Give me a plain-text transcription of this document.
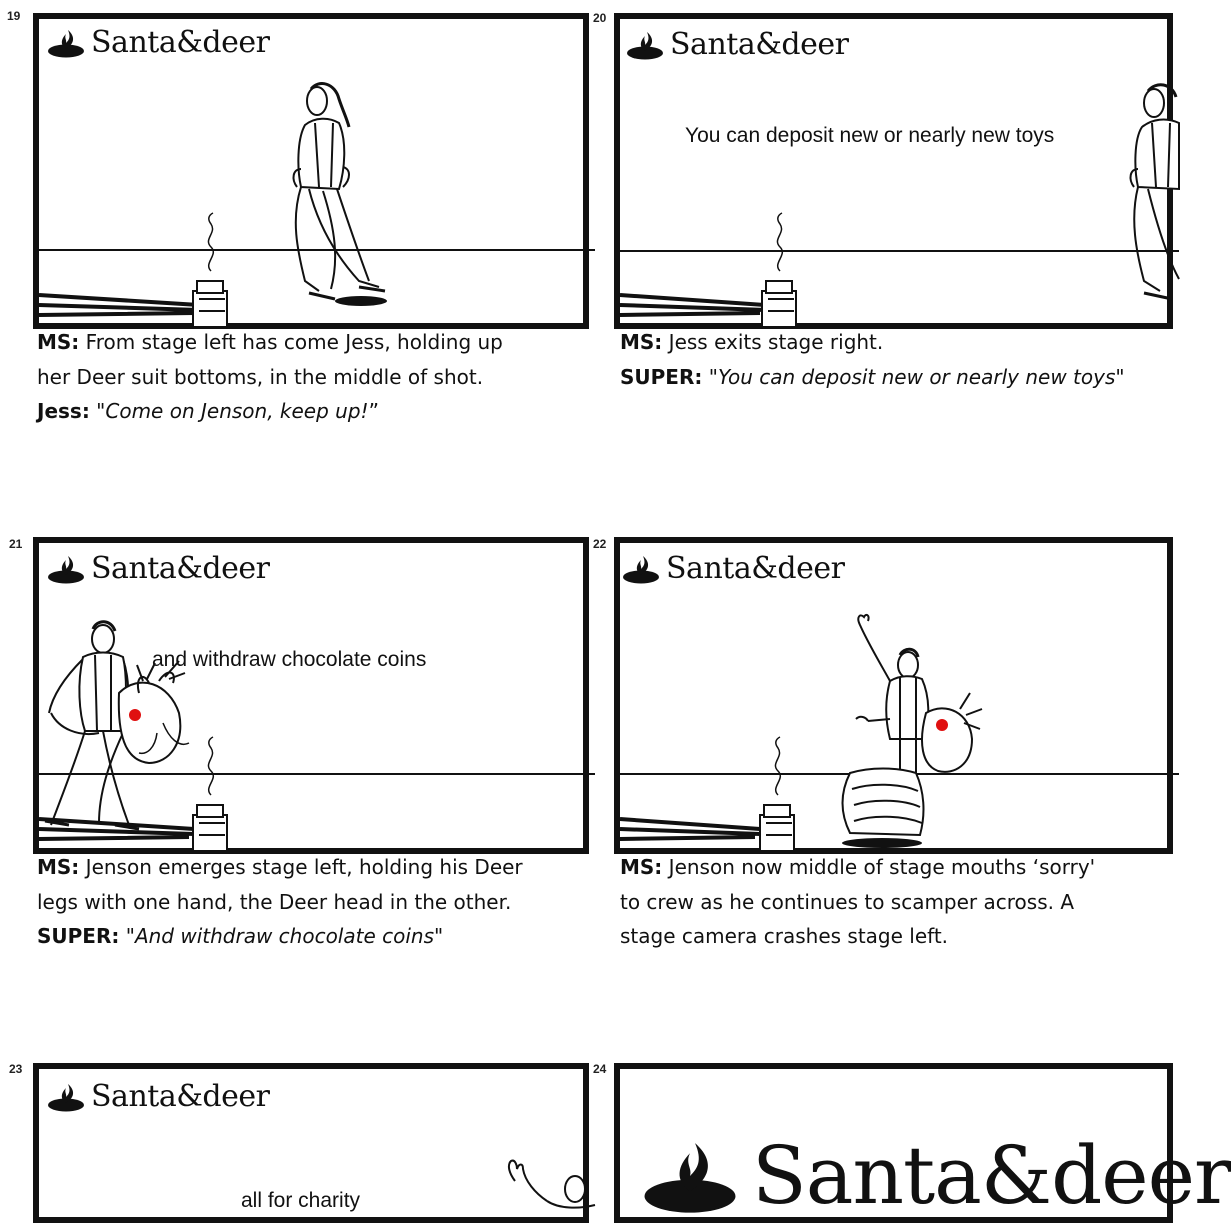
19
Santa&deer
MS: From stage left has come Jess, holding up
her Deer suit bottoms, in the middle of shot.
Jess: "Come on Jenson, keep up!”
20
Santa&deer
You can deposit new or nearly new toys
MS: Jess exits stage right.
SUPER: "You can deposit new or nearly new toys"
21
Santa&deer
and withdraw chocolate coins
MS: Jenson emerges stage left, holding his Deer
legs with one hand, the Deer head in the other.
SUPER: "And withdraw chocolate coins"
22
Santa&deer
MS: Jenson now middle of stage mouths ‘sorry'
to crew as he continues to scamper across. A
stage camera crashes stage left.
23
Santa&deer
all for charity
24
Santa&deer
